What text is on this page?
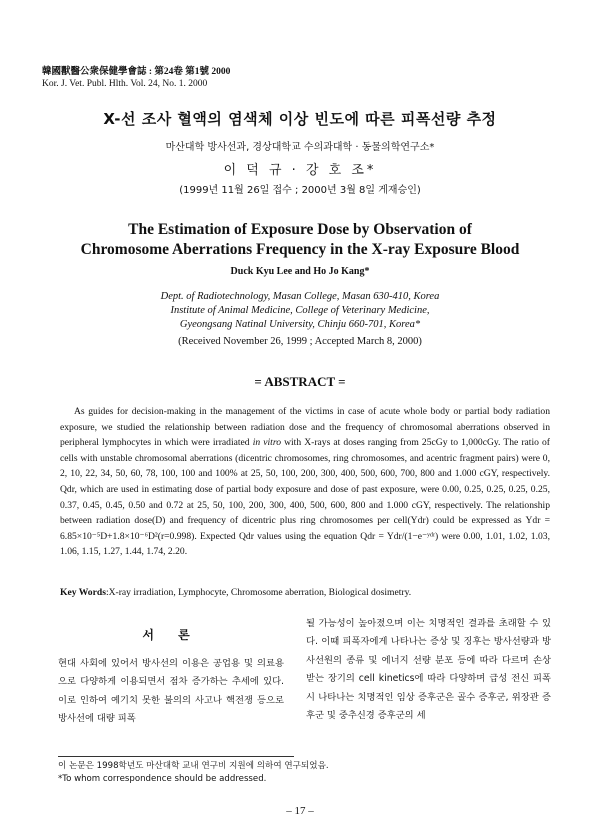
韓國獸醫公衆保健學會誌 : 第24卷 第1號 2000
Kor. J. Vet. Publ. Hlth. Vol. 24, No. 1. 2000
X-선 조사 혈액의 염색체 이상 빈도에 따른 피폭선량 추정
마산대학 방사선과, 경상대학교 수의과대학 · 동물의학연구소*
이 덕 규 · 강 호 조*
(1999년 11월 26일 접수 ; 2000년 3월 8일 게재승인)
The Estimation of Exposure Dose by Observation of
Chromosome Aberrations Frequency in the X-ray Exposure Blood
Duck Kyu Lee and Ho Jo Kang*
Dept. of Radiotechnology, Masan College, Masan 630-410, Korea
Institute of Animal Medicine, College of Veterinary Medicine,
Gyeongsang Natinal University, Chinju 660-701, Korea*
(Received November 26, 1999 ; Accepted March 8, 2000)
= ABSTRACT =

As guides for decision-making in the management of the victims in case of acute whole body or partial body radiation exposure, we studied the relationship between radiation dose and the frequency of chromosomal aberrations observed in peripheral lymphocytes in which were irradiated in vitro with X-rays at doses ranging from 25cGy to 1,000cGy. The ratio of cells with unstable chromosomal aberrations (dicentric chromosomes, ring chromosomes, and acentric fragment pairs) were 0, 2, 10, 22, 34, 50, 60, 78, 100, 100 and 100% at 25, 50, 100, 200, 300, 400, 500, 600, 700, 800 and 1.000 cGY, respectively. Qdr, which are used in estimating dose of partial body exposure and dose of past exposure, were 0.00, 0.25, 0.25, 0.25, 0.25, 0.37, 0.45, 0.45, 0.50 and 0.72 at 25, 50, 100, 200, 300, 400, 500, 600, 800 and 1.000 cGY, respectively. The relationship between radiation dose(D) and frequency of dicentric plus ring chromosomes per cell(Ydr) could be expressed as Ydr = 6.85×10⁻⁵D+1.8×10⁻⁶D²(r=0.998). Expected Qdr values using the equation Qdr = Ydr/(1−e⁻ʸᵈʳ) were 0.00, 1.01, 1.02, 1.03, 1.06, 1.15, 1.27, 1.44, 1.74, 2.20.

Key Words:X-ray irradiation, Lymphocyte, Chromosome aberration, Biological dosimetry.
서 론

현대 사회에 있어서 방사선의 이용은 공업용 및 의료용으로 다양하게 이용되면서 점차 증가하는 추세에 있다. 이로 인하여 예기치 못한 불의의 사고나 핵전쟁 등으로 방사선에 대량 피폭

될 가능성이 높아졌으며 이는 치명적인 결과를 초래할 수 있다. 이때 피폭자에게 나타나는 증상 및 징후는 방사선량과 방사선원의 종류 및 에너지 선량 분포 등에 따라 다르며 손상 받는 장기의 cell kinetics에 따라 다양하며 급성 전신 피폭시 나타나는 치명적인 임상 증후군은 골수 증후군, 위장관 증후군 및 중추신경 증후군의 세

이 논문은 1998학년도 마산대학 교내 연구비 지원에 의하여 연구되었음.
*To whom correspondence should be addressed.
– 17 –
